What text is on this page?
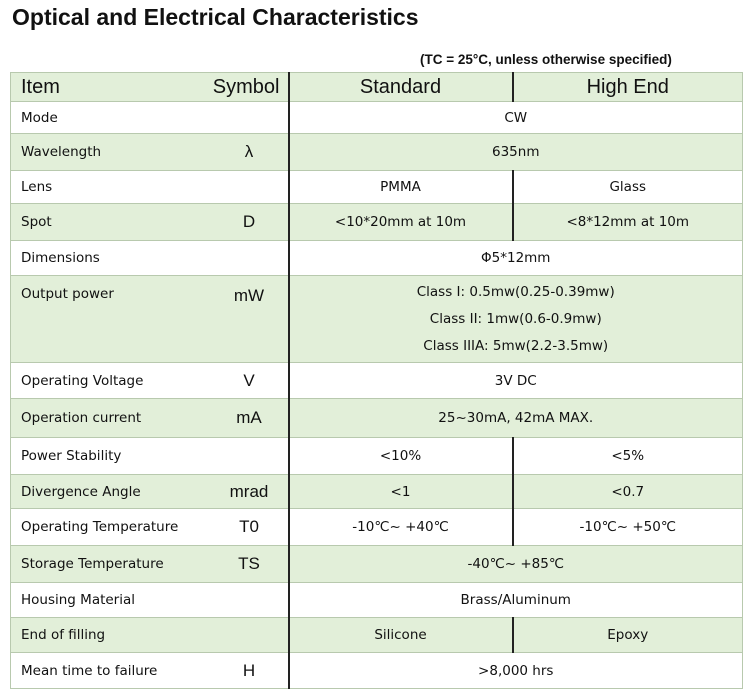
Optical and Electrical Characteristics
(TC = 25°C, unless otherwise specified)
Item	Symbol	Standard	High End
Mode		CW	
Wavelength	λ	635nm	
Lens		PMMA	Glass
Spot	D	<10*20mm at 10m	<8*12mm at 10m
Dimensions		Φ5*12mm	
Output power	mW	Class I: 0.5mw(0.25-0.39mw)
Class II: 1mw(0.6-0.9mw)
Class IIIA: 5mw(2.2-3.5mw)	

Operating Voltage	V	3V DC	
Operation current	mA	25~30mA, 42mA MAX.	
Power Stability		<10%	<5%
Divergence Angle	mrad	<1	<0.7
Operating Temperature	T0	-10℃~ +40℃	-10℃~ +50℃
Storage Temperature	TS	-40℃~ +85℃	
Housing Material		Brass/Aluminum	
End of filling		Silicone	Epoxy
Mean time to failure	H	>8,000 hrs	
